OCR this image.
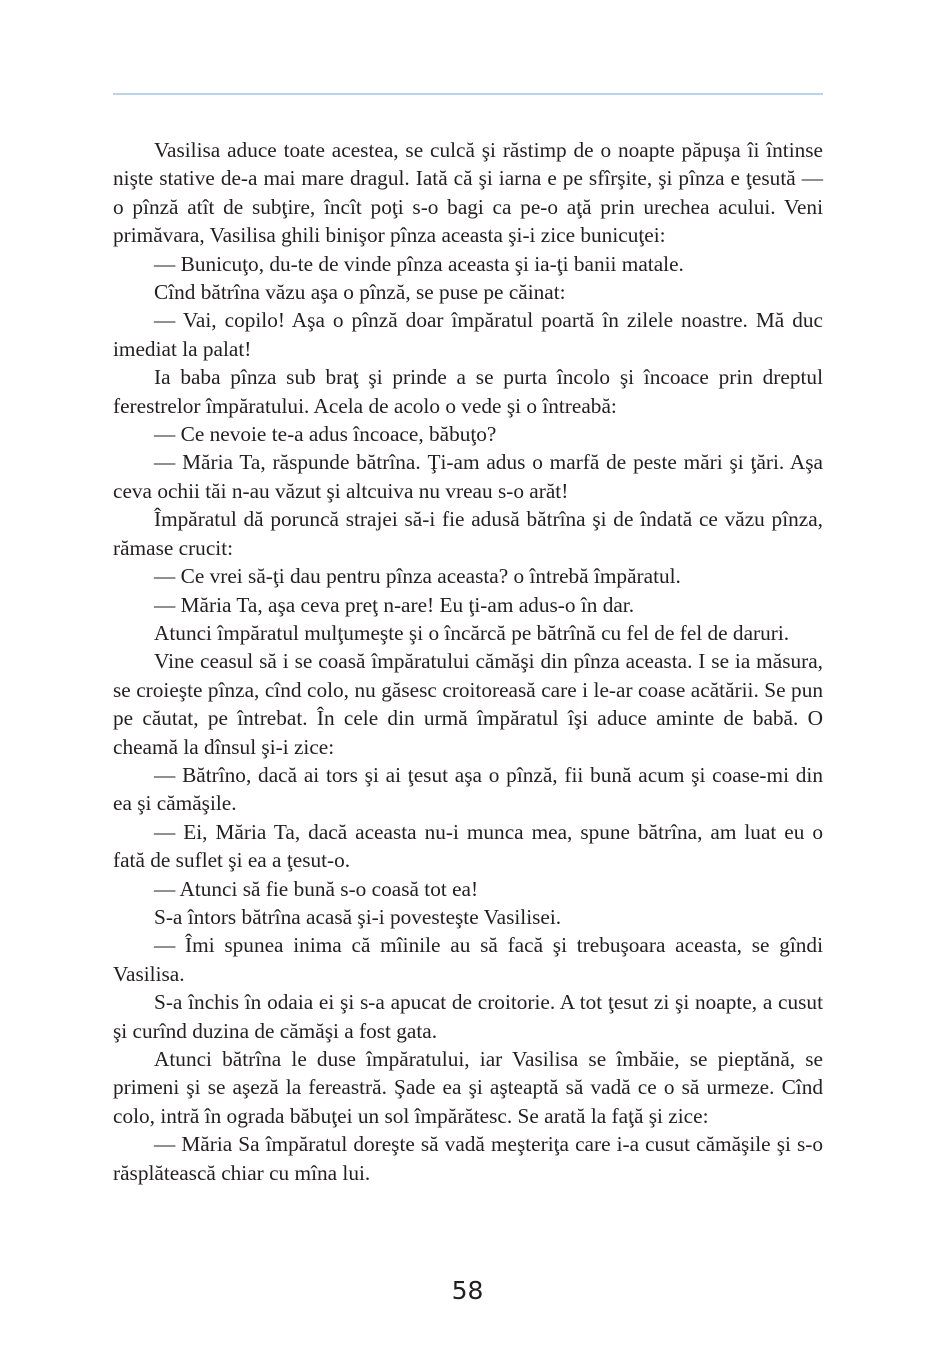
Vasilisa aduce toate acestea, se culcă şi răstimp de o noapte păpuşa îi întinse nişte stative de-a mai mare dragul. Iată că şi iarna e pe sfîrşite, şi pînza e ţesută — o pînză atît de subţire, încît poţi s-o bagi ca pe-o aţă prin urechea acului. Veni primăvara, Vasilisa ghili binişor pînza aceasta şi-i zice bunicuţei:

— Bunicuţo, du-te de vinde pînza aceasta şi ia-ţi banii matale.

Cînd bătrîna văzu aşa o pînză, se puse pe căinat:

— Vai, copilo! Aşa o pînză doar împăratul poartă în zilele noastre. Mă duc imediat la palat!

Ia baba pînza sub braţ şi prinde a se purta încolo şi încoace prin dreptul ferestrelor împăratului. Acela de acolo o vede şi o întreabă:

— Ce nevoie te-a adus încoace, băbuţo?

— Măria Ta, răspunde bătrîna. Ţi-am adus o marfă de peste mări şi ţări. Aşa ceva ochii tăi n-au văzut şi altcuiva nu vreau s-o arăt!

Împăratul dă poruncă strajei să-i fie adusă bătrîna şi de îndată ce văzu pînza, rămase crucit:

— Ce vrei să-ţi dau pentru pînza aceasta? o întrebă împăratul.

— Măria Ta, aşa ceva preţ n-are! Eu ţi-am adus-o în dar.

Atunci împăratul mulţumeşte şi o încărcă pe bătrînă cu fel de fel de daruri.

Vine ceasul să i se coasă împăratului cămăşi din pînza aceasta. I se ia măsura, se croieşte pînza, cînd colo, nu găsesc croitoreasă care i le-ar coase acătării. Se pun pe căutat, pe întrebat. În cele din urmă împăratul îşi aduce aminte de babă. O cheamă la dînsul şi-i zice:

— Bătrîno, dacă ai tors şi ai ţesut aşa o pînză, fii bună acum şi coase-mi din ea şi cămăşile.

— Ei, Măria Ta, dacă aceasta nu-i munca mea, spune bătrîna, am luat eu o fată de suflet şi ea a ţesut-o.

— Atunci să fie bună s-o coasă tot ea!

S-a întors bătrîna acasă şi-i povesteşte Vasilisei.

— Îmi spunea inima că mîinile au să facă şi trebuşoara aceasta, se gîndi Vasilisa.

S-a închis în odaia ei şi s-a apucat de croitorie. A tot ţesut zi şi noapte, a cusut şi curînd duzina de cămăşi a fost gata.

Atunci bătrîna le duse împăratului, iar Vasilisa se îmbăie, se pieptănă, se primeni şi se aşeză la fereastră. Şade ea şi aşteaptă să vadă ce o să urmeze. Cînd colo, intră în ograda băbuţei un sol împărătesc. Se arată la faţă şi zice:

— Măria Sa împăratul doreşte să vadă meşteriţa care i-a cusut cămăşile şi s-o răsplătească chiar cu mîna lui.

58
